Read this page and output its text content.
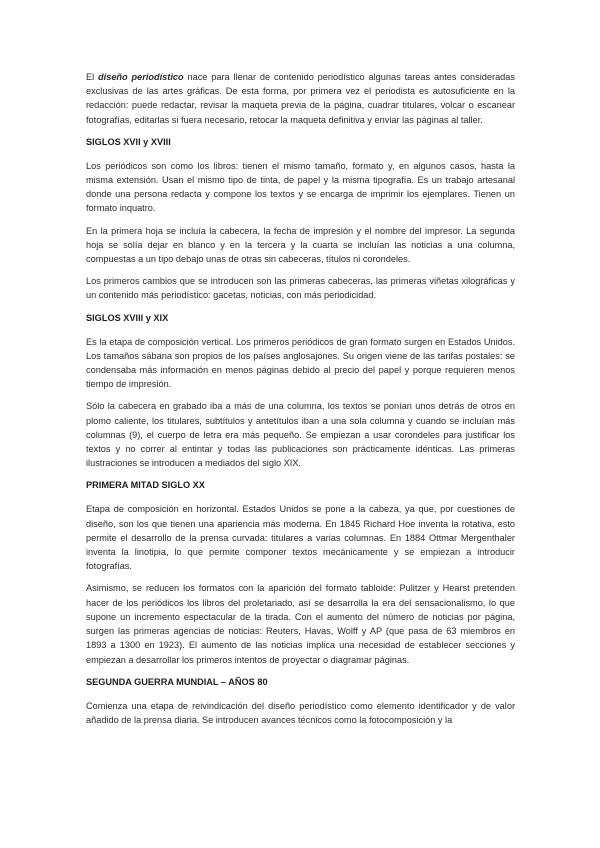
El diseño periodístico nace para llenar de contenido periodístico algunas tareas antes consideradas exclusivas de las artes gráficas. De esta forma, por primera vez el periodista es autosuficiente en la redacción: puede redactar, revisar la maqueta previa de la página, cuadrar titulares, volcar o escanear fotografías, editarlas si fuera necesario, retocar la maqueta definitiva y enviar las páginas al taller.

SIGLOS XVII y XVIII

Los periódicos son como los libros: tienen el mismo tamaño, formato y, en algunos casos, hasta la misma extensión. Usan el mismo tipo de tinta, de papel y la misma tipografía. Es un trabajo artesanal donde una persona redacta y compone los textos y se encarga de imprimir los ejemplares. Tienen un formato inquatro.

En la primera hoja se incluía la cabecera, la fecha de impresión y el nombre del impresor. La segunda hoja se solía dejar en blanco y en la tercera y la cuarta se incluían las noticias a una columna, compuestas a un tipo debajo unas de otras sin cabeceras, títulos ni corondeles.

Los primeros cambios que se introducen son las primeras cabeceras, las primeras viñetas xilográficas y un contenido más periodístico: gacetas, noticias, con más periodicidad.

SIGLOS XVIII y XIX

Es la etapa de composición vertical. Los primeros periódicos de gran formato surgen en Estados Unidos. Los tamaños sábana son propios de los países anglosajones. Su origen viene de las tarifas postales: se condensaba más información en menos páginas debido al precio del papel y porque requieren menos tiempo de impresión.

Sólo la cabecera en grabado iba a más de una columna, los textos se ponían unos detrás de otros en plomo caliente, los titulares, subtítulos y antetítulos iban a una sola columna y cuando se incluían más columnas (9), el cuerpo de letra era más pequeño. Se empiezan a usar corondeles para justificar los textos y no correr al entintar y todas las publicaciones son prácticamente idénticas. Las primeras ilustraciones se introducen a mediados del siglo XIX.

PRIMERA MITAD SIGLO XX

Etapa de composición en horizontal. Estados Unidos se pone a la cabeza, ya que, por cuestiones de diseño, son los que tienen una apariencia más moderna. En 1845 Richard Hoe inventa la rotativa, esto permite el desarrollo de la prensa curvada: titulares a varias columnas. En 1884 Ottmar Mergenthaler inventa la linotipia, lo que permite componer textos mecánicamente y se empiezan a introducir fotografías.

Asimismo, se reducen los formatos con la aparición del formato tabloide: Pulitzer y Hearst pretenden hacer de los periódicos los libros del proletariado, así se desarrolla la era del sensacionalismo, lo que supone un incremento espectacular de la tirada. Con el aumento del número de noticias por página, surgen las primeras agencias de noticias: Reuters, Havas, Wolff y AP (que pasa de 63 miembros en 1893 a 1300 en 1923). El aumento de las noticias implica una necesidad de establecer secciones y empiezan a desarrollar los primeros intentos de proyectar o diagramar páginas.

SEGUNDA GUERRA MUNDIAL – AÑOS 80

Comienza una etapa de reivindicación del diseño periodístico como elemento identificador y de valor añadido de la prensa diaria. Se introducen avances técnicos como la fotocomposición y la
